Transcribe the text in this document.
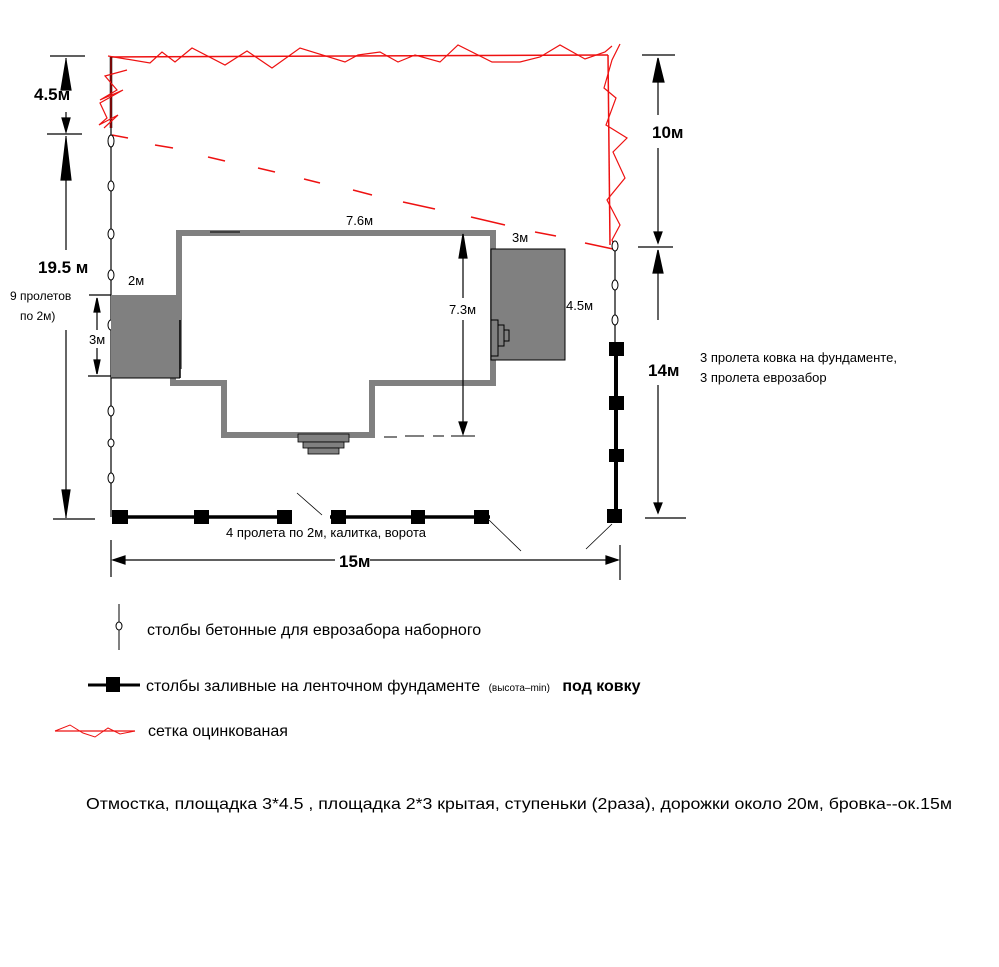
4.5м
19.5 м
9 пролетов
по 2м)
2м
3м
7.6м
7.3м
3м
4.5м
10м
14м
15м
3 пролета ковка на фундаменте,
3 пролета еврозабор
4 пролета по 2м, калитка, ворота
столбы бетонные для еврозабора наборного
столбы заливные на ленточном фундаменте (высота–min) под ковку
сетка оцинкованая
Отмостка, площадка 3*4.5 , площадка 2*3 крытая, ступеньки (2раза), дорожки около 20м, бровка--ок.15м
